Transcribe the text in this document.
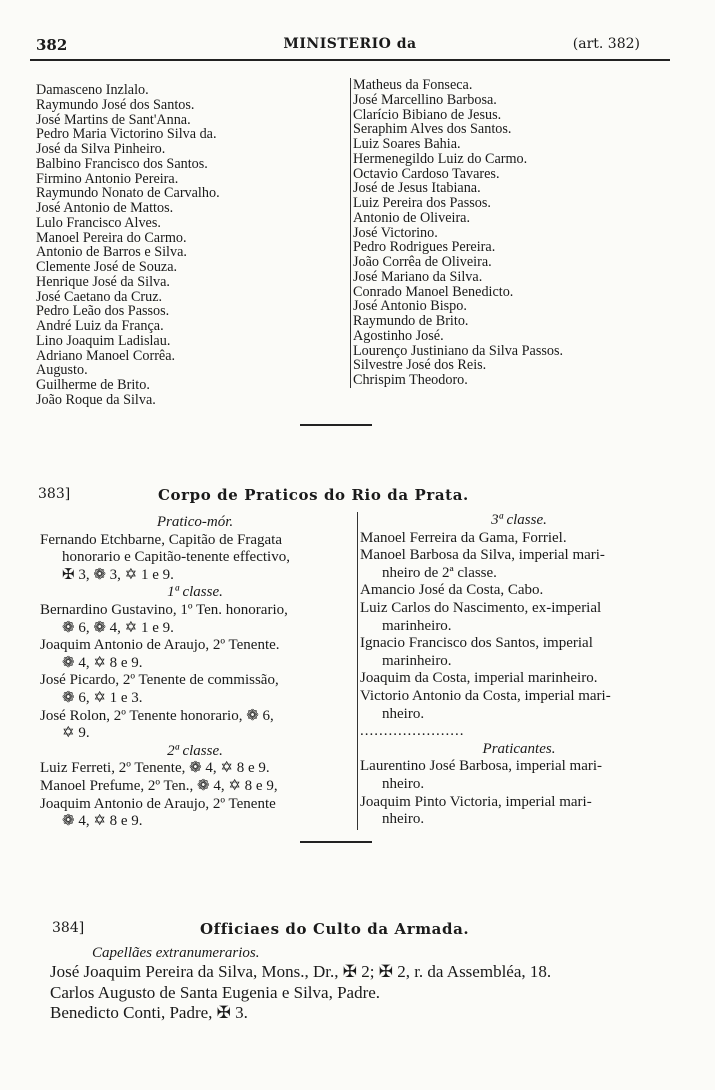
382	MINISTERIO da	(art. 382)
Damasceno Inzlalo.
Raymundo José dos Santos.
José Martins de Sant'Anna.
Pedro Maria Victorino Silva da.
José da Silva Pinheiro.
Balbino Francisco dos Santos.
Firmino Antonio Pereira.
Raymundo Nonato de Carvalho.
José Antonio de Mattos.
Lulo Francisco Alves.
Manoel Pereira do Carmo.
Antonio de Barros e Silva.
Clemente José de Souza.
Henrique José da Silva.
José Caetano da Cruz.
Pedro Leão dos Passos.
André Luiz da França.
Lino Joaquim Ladislau.
Adriano Manoel Corrêa.
Augusto.
Guilherme de Brito.
João Roque da Silva.
Matheus da Fonseca.
José Marcellino Barbosa.
Clarício Bibiano de Jesus.
Seraphim Alves dos Santos.
Luiz Soares Bahia.
Hermenegildo Luiz do Carmo.
Octavio Cardoso Tavares.
José de Jesus Itabiana.
Luiz Pereira dos Passos.
Antonio de Oliveira.
José Victorino.
Pedro Rodrigues Pereira.
João Corrêa de Oliveira.
José Mariano da Silva.
Conrado Manoel Benedicto.
José Antonio Bispo.
Raymundo de Brito.
Agostinho José.
Lourenço Justiniano da Silva Passos.
Silvestre José dos Reis.
Chrispim Theodoro.
383]	Corpo de Praticos do Rio da Prata.
Pratico-mór.
Fernando Etchbarne, Capitão de Fragata
honorario e Capitão-tenente effectivo,
✠ 3, ❁ 3, ✡ 1 e 9.
1ª classe.
Bernardino Gustavino, 1º Ten. honorario,
❁ 6, ❁ 4, ✡ 1 e 9.
Joaquim Antonio de Araujo, 2º Tenente.
❁ 4, ✡ 8 e 9.
José Picardo, 2º Tenente de commissão,
❁ 6, ✡ 1 e 3.
José Rolon, 2º Tenente honorario, ❁ 6,
✡ 9.
2ª classe.
Luiz Ferreti, 2º Tenente, ❁ 4, ✡ 8 e 9.
Manoel Prefume, 2º Ten., ❁ 4, ✡ 8 e 9,
Joaquim Antonio de Araujo, 2º Tenente
❁ 4, ✡ 8 e 9.
3ª classe.
Manoel Ferreira da Gama, Forriel.
Manoel Barbosa da Silva, imperial mari-
nheiro de 2ª classe.
Amancio José da Costa, Cabo.
Luiz Carlos do Nascimento, ex-imperial
marinheiro.
Ignacio Francisco dos Santos, imperial
marinheiro.
Joaquim da Costa, imperial marinheiro.
Victorio Antonio da Costa, imperial mari-
nheiro.
......................
Praticantes.
Laurentino José Barbosa, imperial mari-
nheiro.
Joaquim Pinto Victoria, imperial mari-
nheiro.
384]	Officiaes do Culto da Armada.
Capellães extranumerarios.
José Joaquim Pereira da Silva, Mons., Dr., ✠ 2; ✠ 2, r. da Assembléa, 18.
Carlos Augusto de Santa Eugenia e Silva, Padre.
Benedicto Conti, Padre, ✠ 3.
